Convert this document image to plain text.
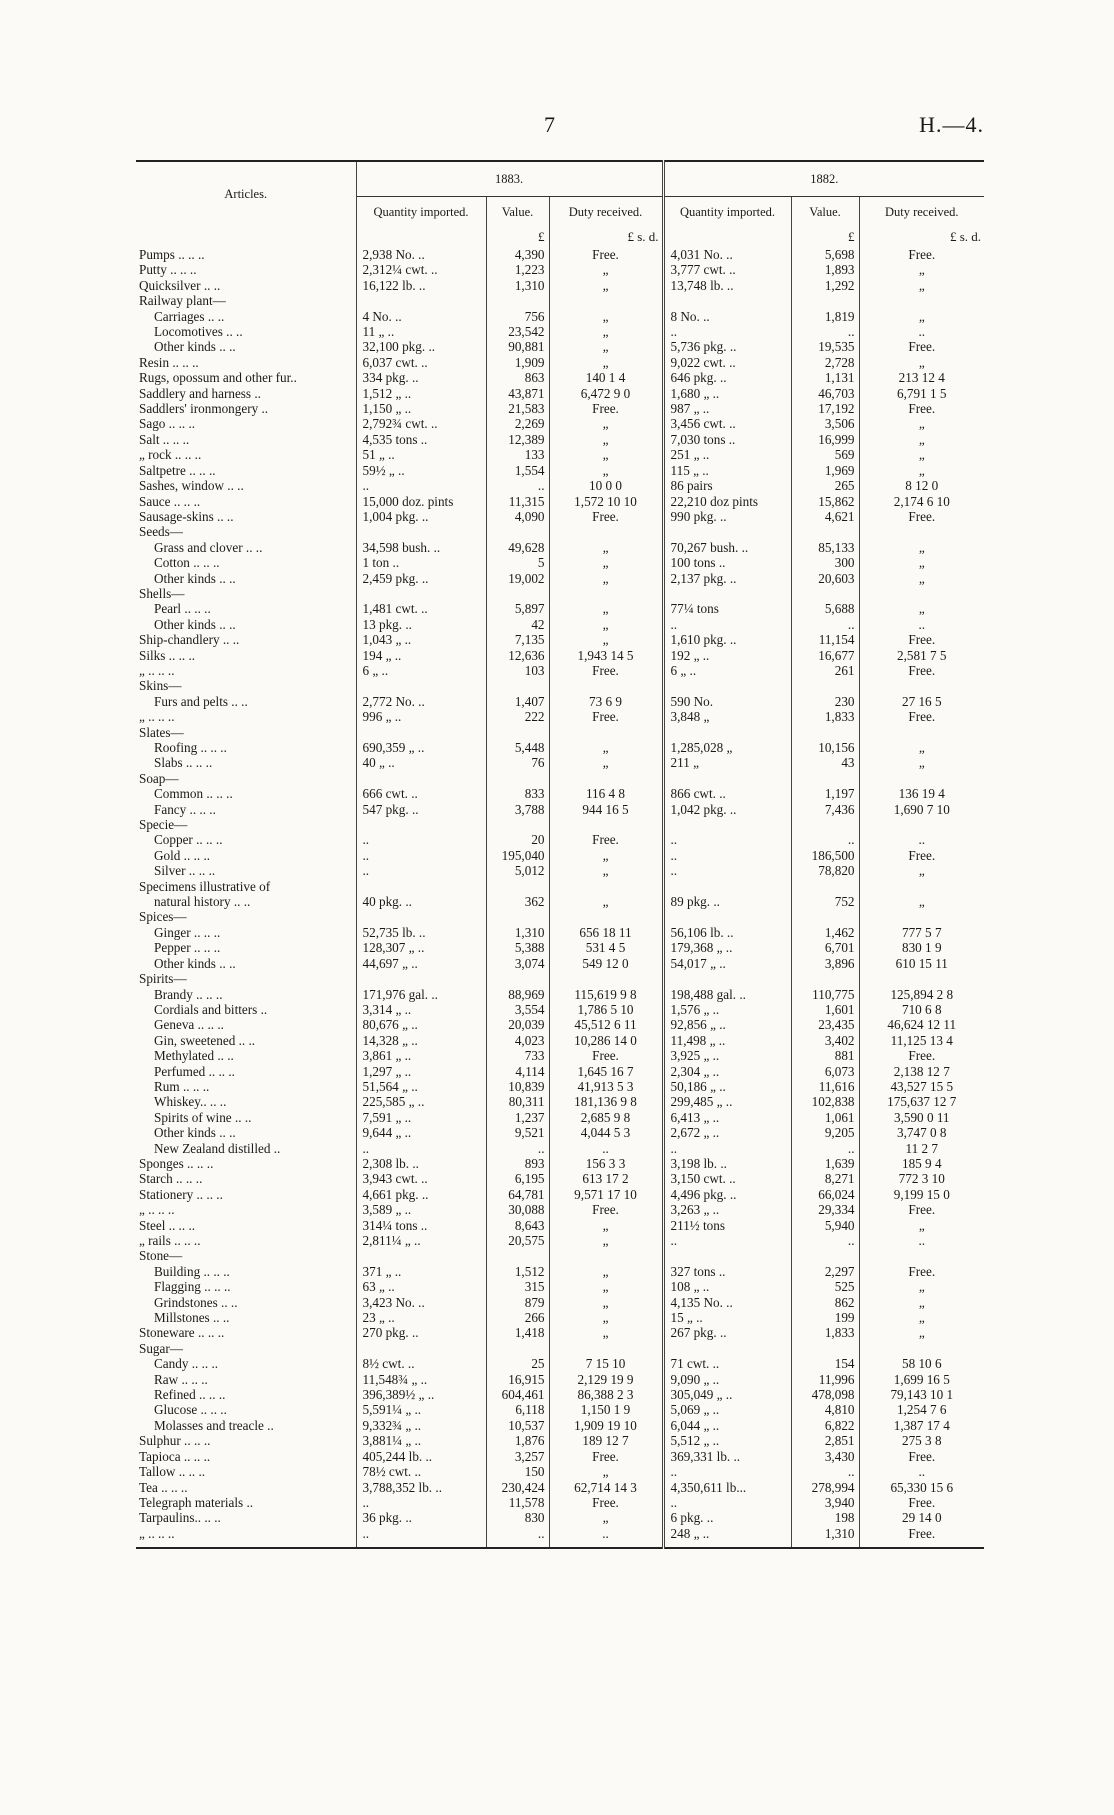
7	H.—4.
Articles.	1883.			1882.		
	Quantity imported.	Value.	Duty received.	Quantity imported.	Value.	Duty received.
		£	£ s. d.		£	£ s. d.
Pumps .. .. ..	2,938 No. ..	4,390	Free.	4,031 No. ..	5,698	Free.
Putty .. .. ..	2,312¼ cwt. ..	1,223	„	3,777 cwt. ..	1,893	„
Quicksilver .. ..	16,122 lb. ..	1,310	„	13,748 lb. ..	1,292	„
Railway plant—						
Carriages .. ..	4 No. ..	756	„	8 No. ..	1,819	„
Locomotives .. ..	11 „ ..	23,542	„	..	..	..
Other kinds .. ..	32,100 pkg. ..	90,881	„	5,736 pkg. ..	19,535	Free.
Resin .. .. ..	6,037 cwt. ..	1,909	„	9,022 cwt. ..	2,728	„
Rugs, opossum and other fur..	334 pkg. ..	863	140 1 4	646 pkg. ..	1,131	213 12 4
Saddlery and harness ..	1,512 „ ..	43,871	6,472 9 0	1,680 „ ..	46,703	6,791 1 5
Saddlers' ironmongery ..	1,150 „ ..	21,583	Free.	987 „ ..	17,192	Free.
Sago .. .. ..	2,792¾ cwt. ..	2,269	„	3,456 cwt. ..	3,506	„
Salt .. .. ..	4,535 tons ..	12,389	„	7,030 tons ..	16,999	„
„ rock .. .. ..	51 „ ..	133	„	251 „ ..	569	„
Saltpetre .. .. ..	59½ „ ..	1,554	„	115 „ ..	1,969	„
Sashes, window .. ..	..	..	10 0 0	86 pairs	265	8 12 0
Sauce .. .. ..	15,000 doz. pints	11,315	1,572 10 10	22,210 doz pints	15,862	2,174 6 10
Sausage-skins .. ..	1,004 pkg. ..	4,090	Free.	990 pkg. ..	4,621	Free.
Seeds—						
Grass and clover .. ..	34,598 bush. ..	49,628	„	70,267 bush. ..	85,133	„
Cotton .. .. ..	1 ton ..	5	„	100 tons ..	300	„
Other kinds .. ..	2,459 pkg. ..	19,002	„	2,137 pkg. ..	20,603	„
Shells—						
Pearl .. .. ..	1,481 cwt. ..	5,897	„	77¼ tons	5,688	„
Other kinds .. ..	13 pkg. ..	42	„	..	..	..
Ship-chandlery .. ..	1,043 „ ..	7,135	„	1,610 pkg. ..	11,154	Free.
Silks .. .. ..	194 „ ..	12,636	1,943 14 5	192 „ ..	16,677	2,581 7 5
„ .. .. ..	6 „ ..	103	Free.	6 „ ..	261	Free.
Skins—						
Furs and pelts .. ..	2,772 No. ..	1,407	73 6 9	590 No.	230	27 16 5
„ .. .. ..	996 „ ..	222	Free.	3,848 „	1,833	Free.
Slates—						
Roofing .. .. ..	690,359 „ ..	5,448	„	1,285,028 „	10,156	„
Slabs .. .. ..	40 „ ..	76	„	211 „	43	„
Soap—						
Common .. .. ..	666 cwt. ..	833	116 4 8	866 cwt. ..	1,197	136 19 4
Fancy .. .. ..	547 pkg. ..	3,788	944 16 5	1,042 pkg. ..	7,436	1,690 7 10
Specie—						
Copper .. .. ..	..	20	Free.	..	..	..
Gold .. .. ..	..	195,040	„	..	186,500	Free.
Silver .. .. ..	..	5,012	„	..	78,820	„
Specimens illustrative of						
natural history .. ..	40 pkg. ..	362	„	89 pkg. ..	752	„
Spices—						
Ginger .. .. ..	52,735 lb. ..	1,310	656 18 11	56,106 lb. ..	1,462	777 5 7
Pepper .. .. ..	128,307 „ ..	5,388	531 4 5	179,368 „ ..	6,701	830 1 9
Other kinds .. ..	44,697 „ ..	3,074	549 12 0	54,017 „ ..	3,896	610 15 11
Spirits—						
Brandy .. .. ..	171,976 gal. ..	88,969	115,619 9 8	198,488 gal. ..	110,775	125,894 2 8
Cordials and bitters ..	3,314 „ ..	3,554	1,786 5 10	1,576 „ ..	1,601	710 6 8
Geneva .. .. ..	80,676 „ ..	20,039	45,512 6 11	92,856 „ ..	23,435	46,624 12 11
Gin, sweetened .. ..	14,328 „ ..	4,023	10,286 14 0	11,498 „ ..	3,402	11,125 13 4
Methylated .. ..	3,861 „ ..	733	Free.	3,925 „ ..	881	Free.
Perfumed .. .. ..	1,297 „ ..	4,114	1,645 16 7	2,304 „ ..	6,073	2,138 12 7
Rum .. .. ..	51,564 „ ..	10,839	41,913 5 3	50,186 „ ..	11,616	43,527 15 5
Whiskey.. .. ..	225,585 „ ..	80,311	181,136 9 8	299,485 „ ..	102,838	175,637 12 7
Spirits of wine .. ..	7,591 „ ..	1,237	2,685 9 8	6,413 „ ..	1,061	3,590 0 11
Other kinds .. ..	9,644 „ ..	9,521	4,044 5 3	2,672 „ ..	9,205	3,747 0 8
New Zealand distilled ..	..	..	..	..	..	11 2 7
Sponges .. .. ..	2,308 lb. ..	893	156 3 3	3,198 lb. ..	1,639	185 9 4
Starch .. .. ..	3,943 cwt. ..	6,195	613 17 2	3,150 cwt. ..	8,271	772 3 10
Stationery .. .. ..	4,661 pkg. ..	64,781	9,571 17 10	4,496 pkg. ..	66,024	9,199 15 0
„ .. .. ..	3,589 „ ..	30,088	Free.	3,263 „ ..	29,334	Free.
Steel .. .. ..	314¼ tons ..	8,643	„	211½ tons	5,940	„
„ rails .. .. ..	2,811¼ „ ..	20,575	„	..	..	..
Stone—						
Building .. .. ..	371 „ ..	1,512	„	327 tons ..	2,297	Free.
Flagging .. .. ..	63 „ ..	315	„	108 „ ..	525	„
Grindstones .. ..	3,423 No. ..	879	„	4,135 No. ..	862	„
Millstones .. ..	23 „ ..	266	„	15 „ ..	199	„
Stoneware .. .. ..	270 pkg. ..	1,418	„	267 pkg. ..	1,833	„
Sugar—						
Candy .. .. ..	8½ cwt. ..	25	7 15 10	71 cwt. ..	154	58 10 6
Raw .. .. ..	11,548¾ „ ..	16,915	2,129 19 9	9,090 „ ..	11,996	1,699 16 5
Refined .. .. ..	396,389½ „ ..	604,461	86,388 2 3	305,049 „ ..	478,098	79,143 10 1
Glucose .. .. ..	5,591¼ „ ..	6,118	1,150 1 9	5,069 „ ..	4,810	1,254 7 6
Molasses and treacle ..	9,332¾ „ ..	10,537	1,909 19 10	6,044 „ ..	6,822	1,387 17 4
Sulphur .. .. ..	3,881¼ „ ..	1,876	189 12 7	5,512 „ ..	2,851	275 3 8
Tapioca .. .. ..	405,244 lb. ..	3,257	Free.	369,331 lb. ..	3,430	Free.
Tallow .. .. ..	78½ cwt. ..	150	„	..	..	..
Tea .. .. ..	3,788,352 lb. ..	230,424	62,714 14 3	4,350,611 lb...	278,994	65,330 15 6
Telegraph materials ..	..	11,578	Free.	..	3,940	Free.
Tarpaulins.. .. ..	36 pkg. ..	830	„	6 pkg. ..	198	29 14 0
„ .. .. ..	..	..	..	248 „ ..	1,310	Free.
